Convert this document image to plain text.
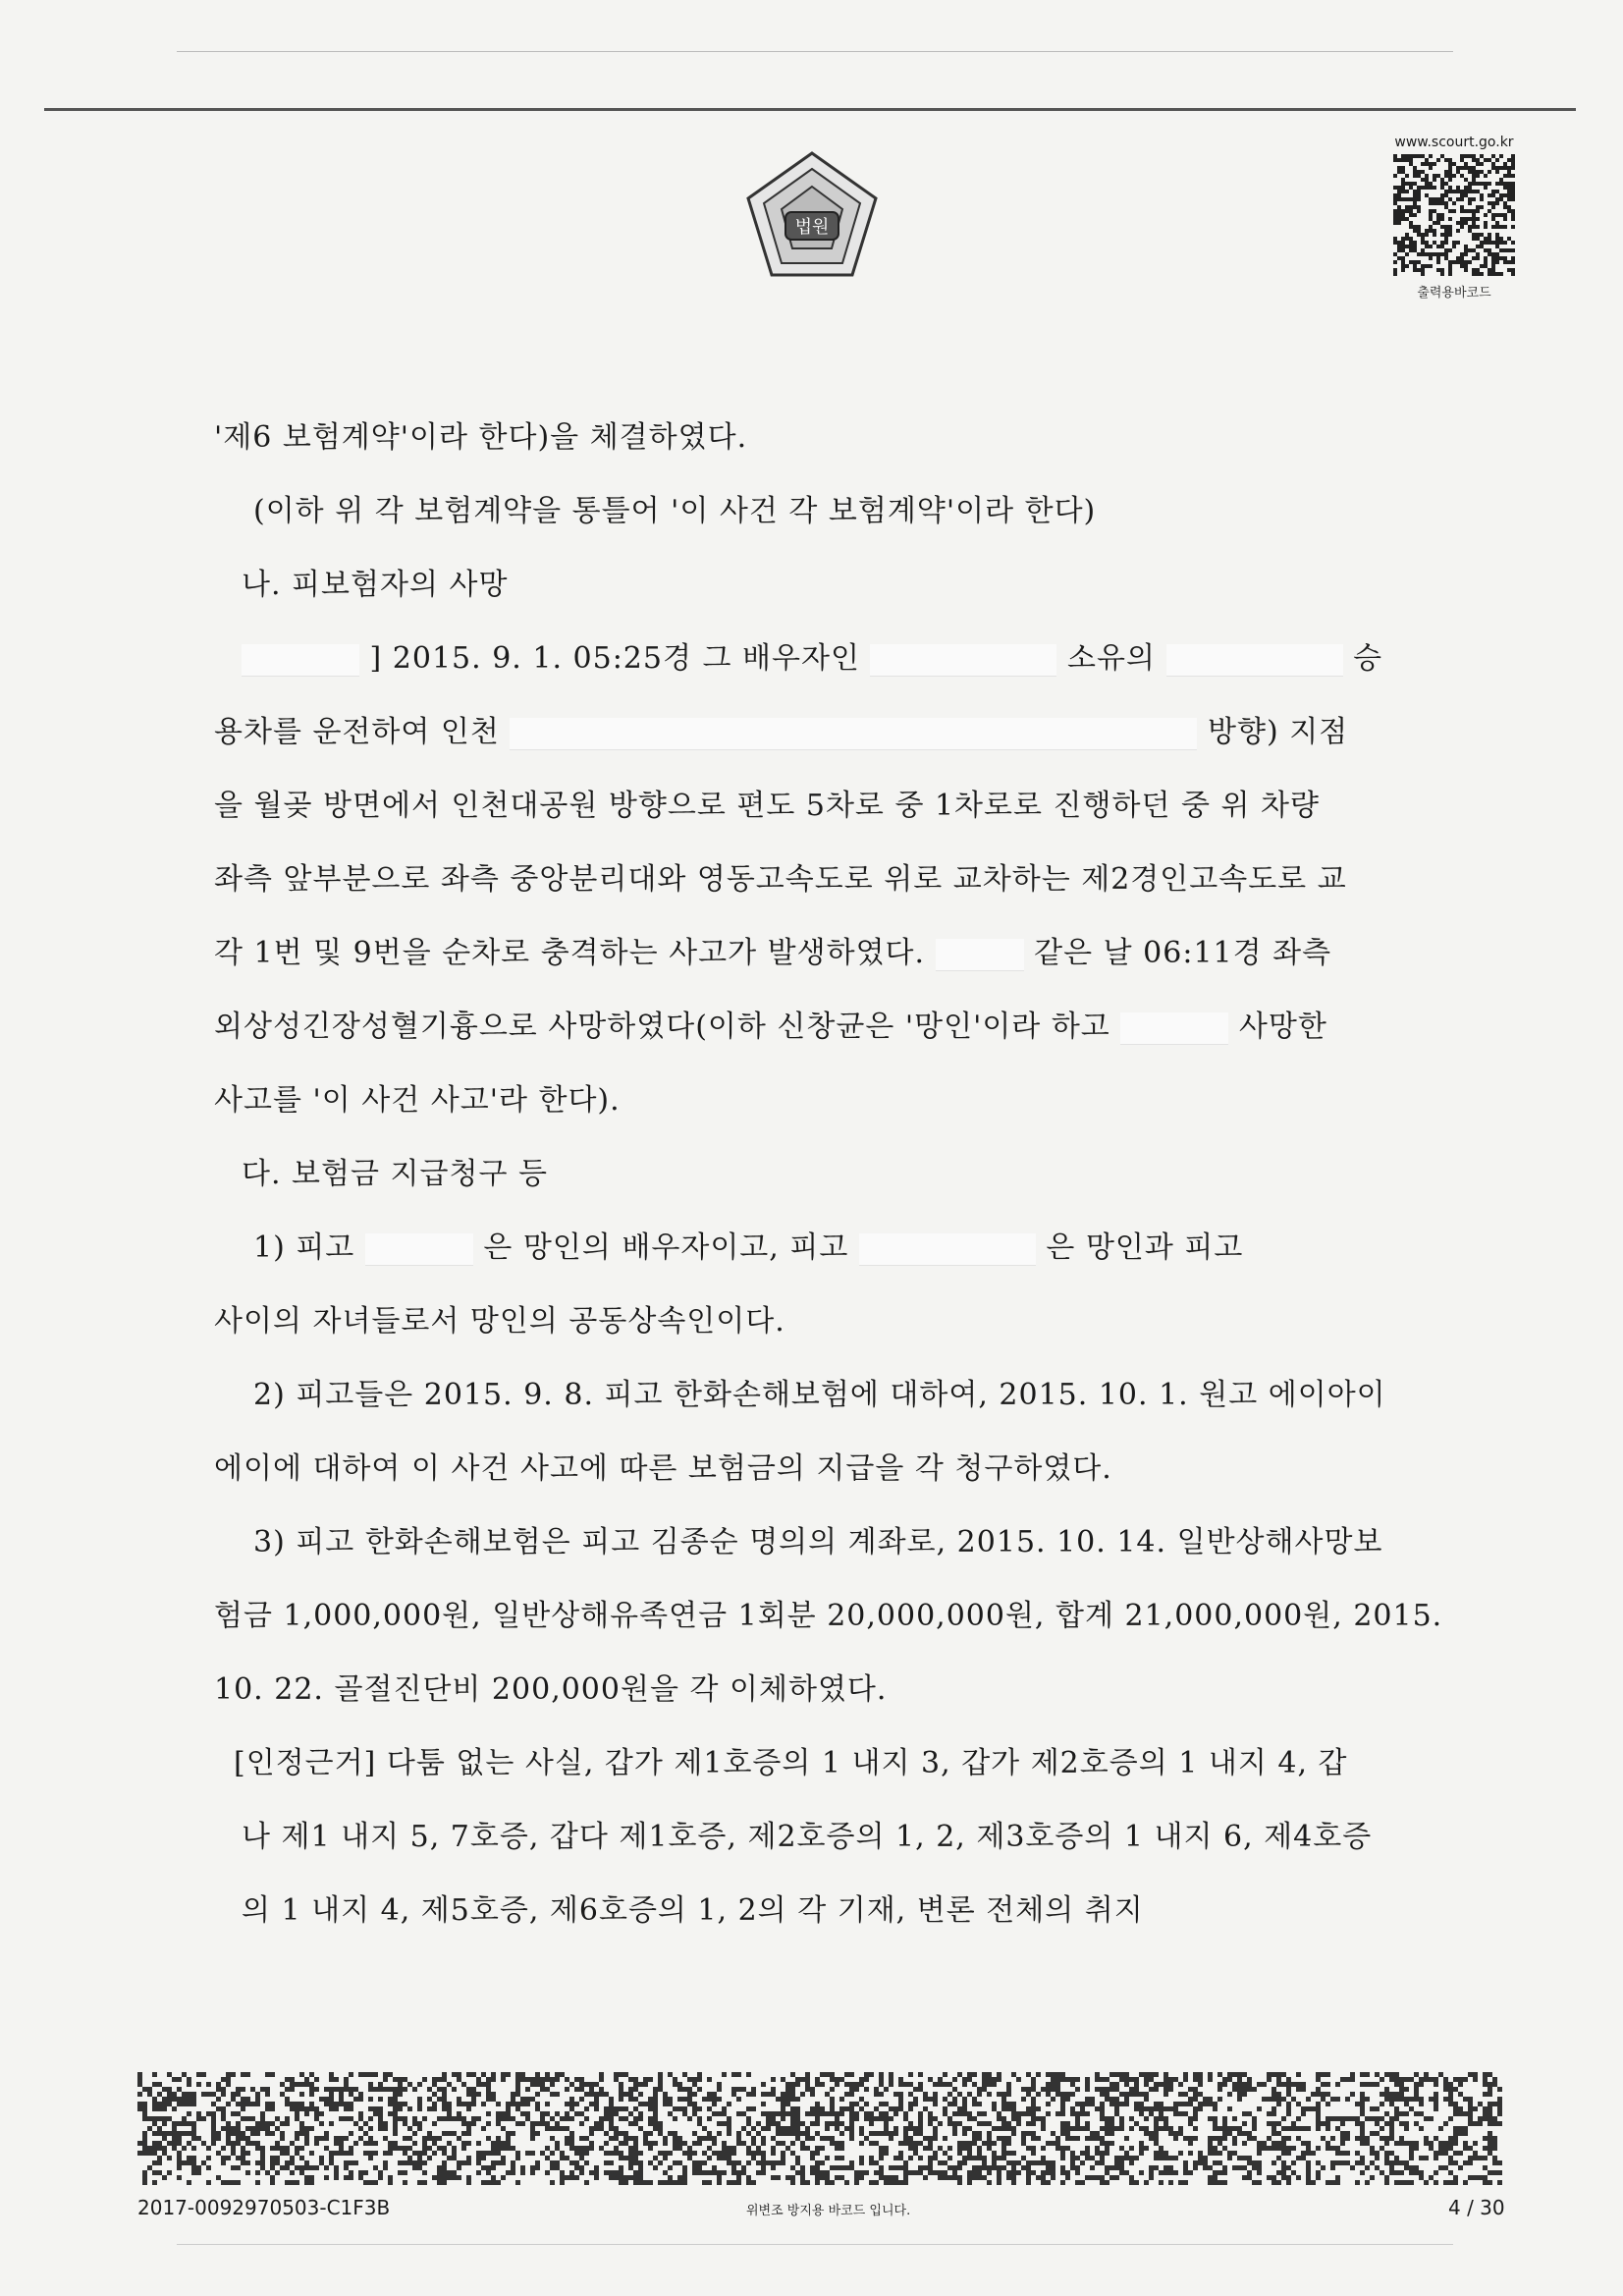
법원
www.scourt.go.kr
출력용바코드
'제6 보험계약'이라 한다)을 체결하였다.
(이하 위 각 보험계약을 통틀어 '이 사건 각 보험계약'이라 한다)
나. 피보험자의 사망
] 2015. 9. 1. 05:25경 그 배우자인	소유의	승
용차를 운전하여 인천	방향) 지점
을 월곶 방면에서 인천대공원 방향으로 편도 5차로 중 1차로로 진행하던 중 위 차량
좌측 앞부분으로 좌측 중앙분리대와 영동고속도로 위로 교차하는 제2경인고속도로 교
각 1번 및 9번을 순차로 충격하는 사고가 발생하였다.	같은 날 06:11경 좌측
외상성긴장성혈기흉으로 사망하였다(이하 신창균은 '망인'이라 하고	사망한
사고를 '이 사건 사고'라 한다).
다. 보험금 지급청구 등
1) 피고	은 망인의 배우자이고, 피고	은 망인과 피고
사이의 자녀들로서 망인의 공동상속인이다.
2) 피고들은 2015. 9. 8. 피고 한화손해보험에 대하여, 2015. 10. 1. 원고 에이아이
에이에 대하여 이 사건 사고에 따른 보험금의 지급을 각 청구하였다.
3) 피고 한화손해보험은 피고 김종순 명의의 계좌로, 2015. 10. 14. 일반상해사망보
험금 1,000,000원, 일반상해유족연금 1회분 20,000,000원, 합계 21,000,000원, 2015.
10. 22. 골절진단비 200,000원을 각 이체하였다.
[인정근거] 다툼 없는 사실, 갑가 제1호증의 1 내지 3, 갑가 제2호증의 1 내지 4, 갑
나 제1 내지 5, 7호증, 갑다 제1호증, 제2호증의 1, 2, 제3호증의 1 내지 6, 제4호증
의 1 내지 4, 제5호증, 제6호증의 1, 2의 각 기재, 변론 전체의 취지
2017-0092970503-C1F3B	위변조 방지용 바코드 입니다.	4 / 30
